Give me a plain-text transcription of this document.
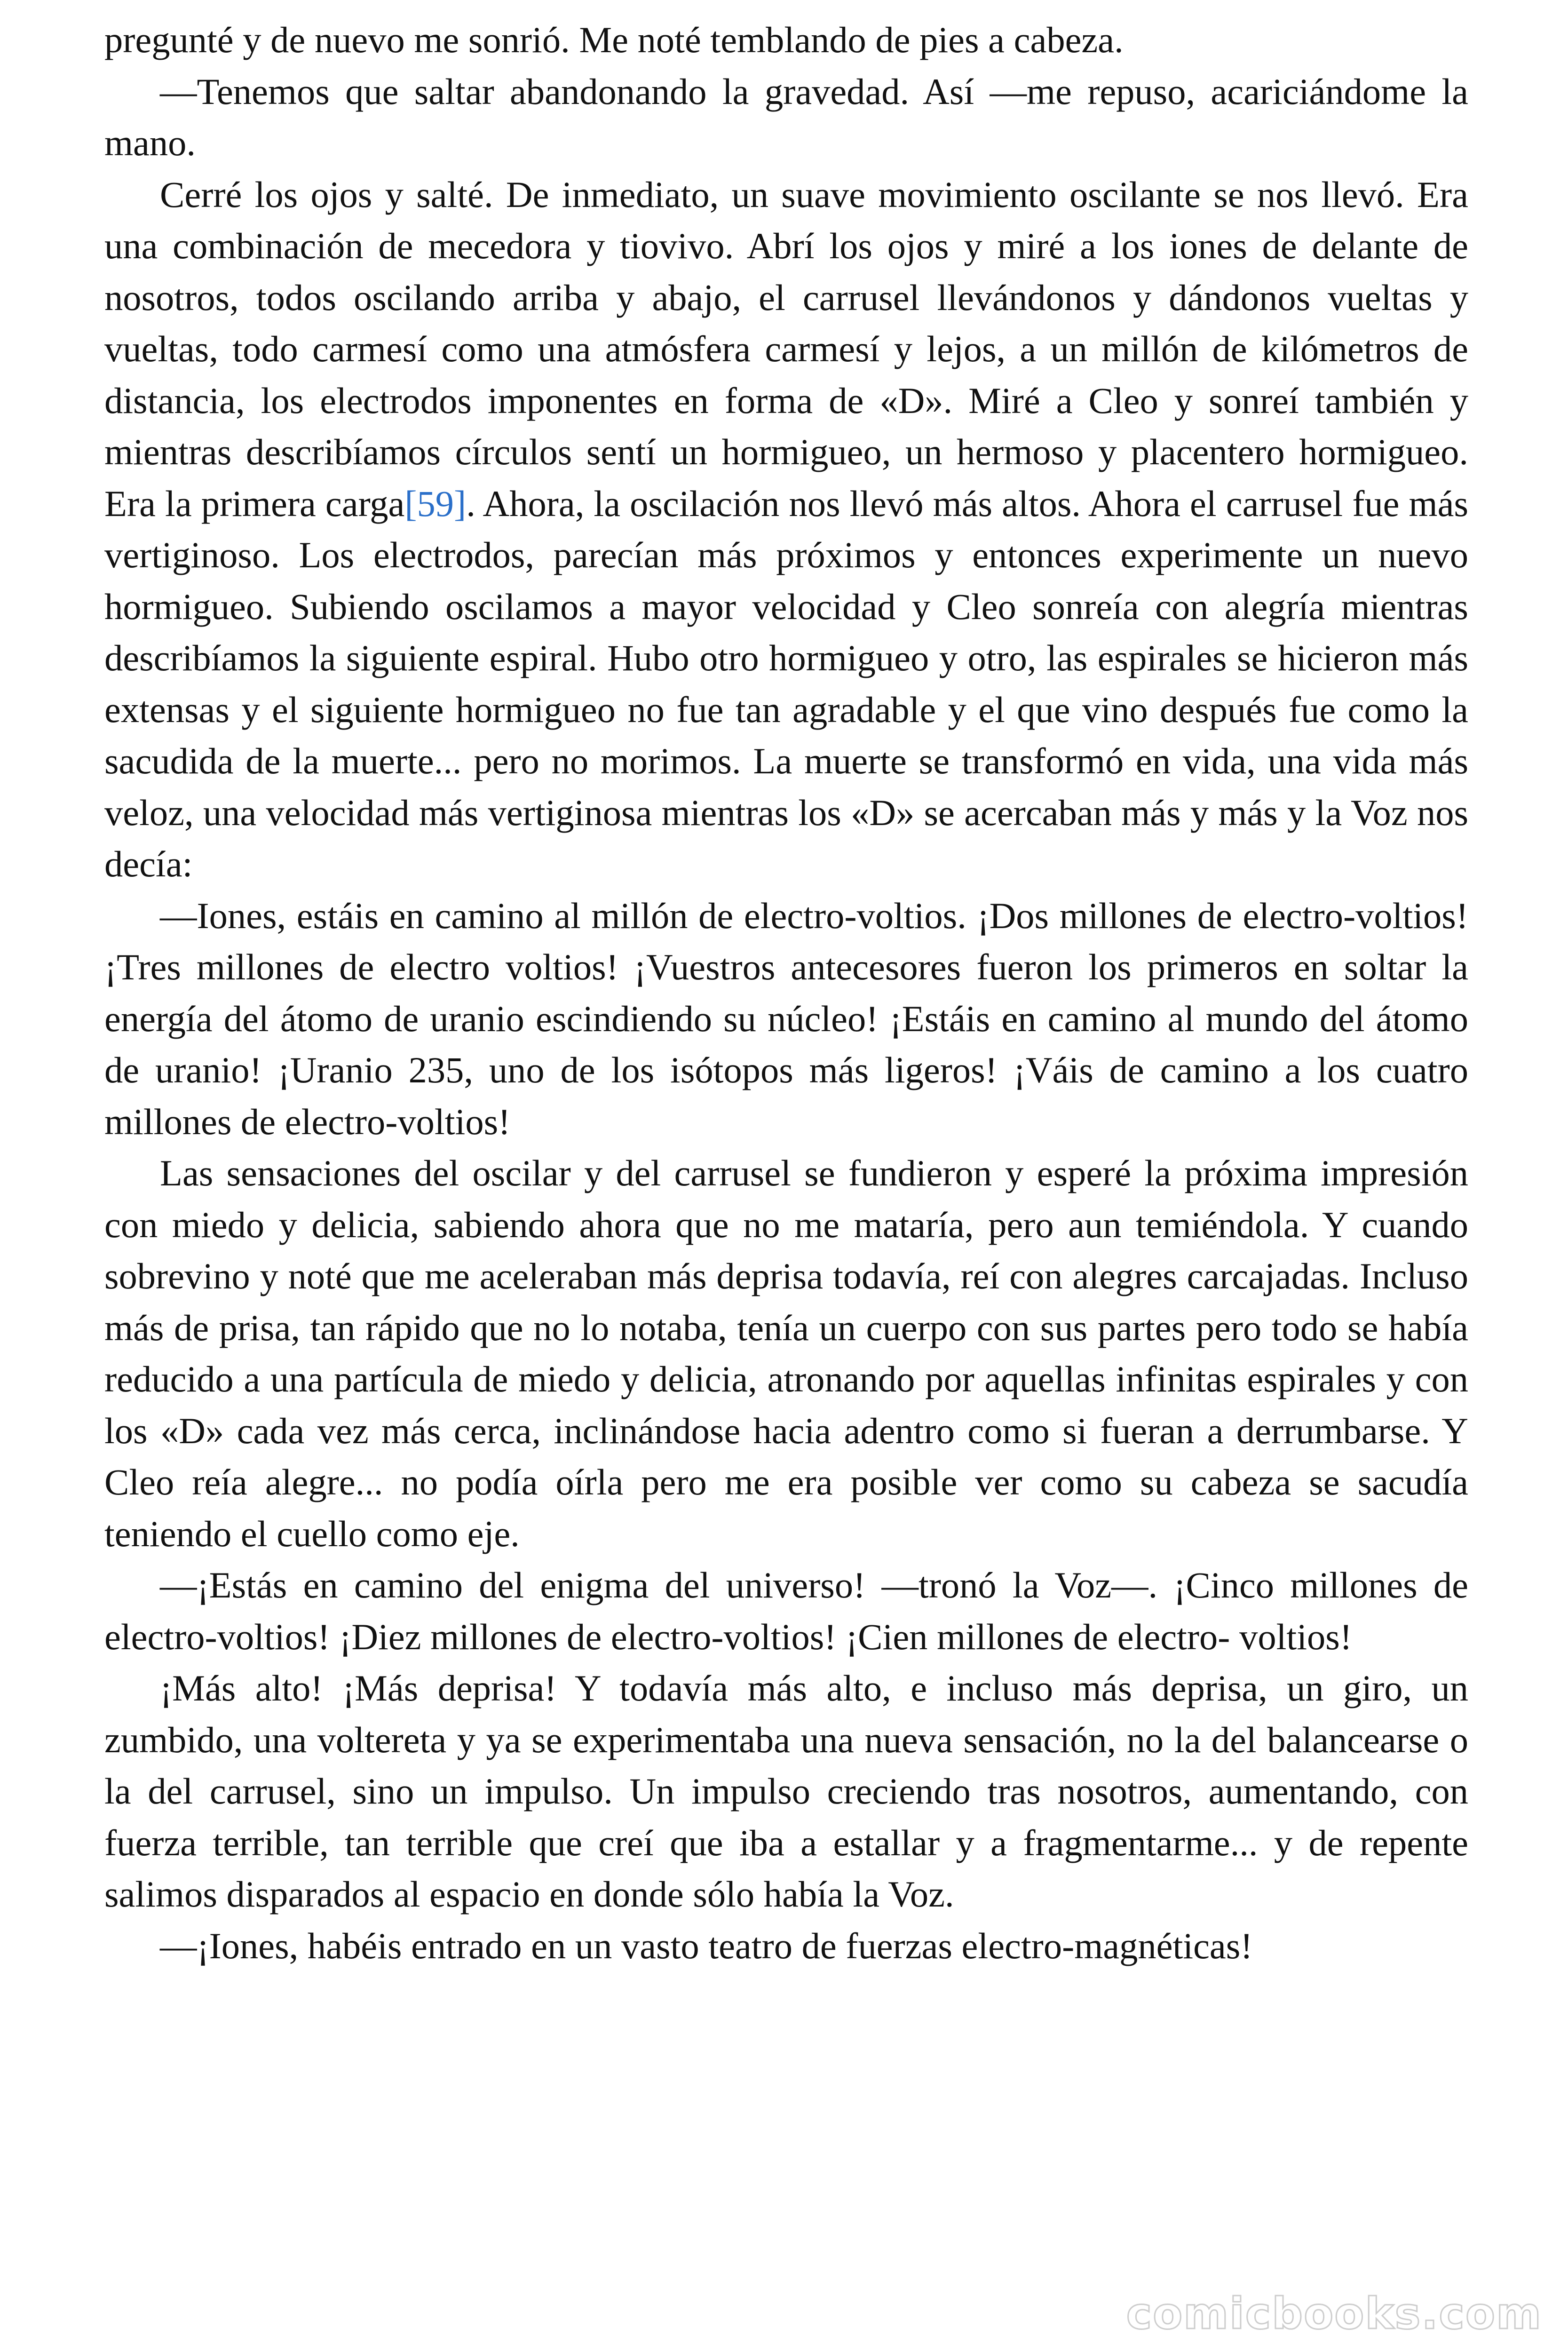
pregunté y de nuevo me sonrió. Me noté temblando de pies a cabeza.

—Tenemos que saltar abandonando la gravedad. Así —me repuso, acariciándome la mano.

Cerré los ojos y salté. De inmediato, un suave movimiento oscilante se nos llevó. Era una combinación de mecedora y tiovivo. Abrí los ojos y miré a los iones de delante de nosotros, todos oscilando arriba y abajo, el carrusel llevándonos y dándonos vueltas y vueltas, todo carmesí como una atmósfera carmesí y lejos, a un millón de kilómetros de distancia, los electrodos imponentes en forma de «D». Miré a Cleo y sonreí también y mientras describíamos círculos sentí un hormigueo, un hermoso y placentero hormigueo. Era la primera carga[59]. Ahora, la oscilación nos llevó más altos. Ahora el carrusel fue más vertiginoso. Los electrodos, parecían más próximos y entonces experimente un nuevo hormigueo. Subiendo oscilamos a mayor velocidad y Cleo sonreía con alegría mientras describíamos la siguiente espiral. Hubo otro hormigueo y otro, las espirales se hicieron más extensas y el siguiente hormigueo no fue tan agradable y el que vino después fue como la sacudida de la muerte... pero no morimos. La muerte se transformó en vida, una vida más veloz, una velocidad más vertiginosa mientras los «D» se acercaban más y más y la Voz nos decía:

—Iones, estáis en camino al millón de electro-voltios. ¡Dos millones de electro-voltios! ¡Tres millones de electro voltios! ¡Vuestros antecesores fueron los primeros en soltar la energía del átomo de uranio escindiendo su núcleo! ¡Estáis en camino al mundo del átomo de uranio! ¡Uranio 235, uno de los isótopos más ligeros! ¡Váis de camino a los cuatro millones de electro-voltios!

Las sensaciones del oscilar y del carrusel se fundieron y esperé la próxima impresión con miedo y delicia, sabiendo ahora que no me mataría, pero aun temiéndola. Y cuando sobrevino y noté que me aceleraban más deprisa todavía, reí con alegres carcajadas. Incluso más de prisa, tan rápido que no lo notaba, tenía un cuerpo con sus partes pero todo se había reducido a una partícula de miedo y delicia, atronando por aquellas infinitas espirales y con los «D» cada vez más cerca, inclinándose hacia adentro como si fueran a derrumbarse. Y Cleo reía alegre... no podía oírla pero me era posible ver como su cabeza se sacudía teniendo el cuello como eje.

—¡Estás en camino del enigma del universo! —tronó la Voz—. ¡Cinco millones de electro-voltios! ¡Diez millones de electro-voltios! ¡Cien millones de electro- voltios!

¡Más alto! ¡Más deprisa! Y todavía más alto, e incluso más deprisa, un giro, un zumbido, una voltereta y ya se experimentaba una nueva sensación, no la del balancearse o la del carrusel, sino un impulso. Un impulso creciendo tras nosotros, aumentando, con fuerza terrible, tan terrible que creí que iba a estallar y a fragmentarme... y de repente salimos disparados al espacio en donde sólo había la Voz.

—¡Iones, habéis entrado en un vasto teatro de fuerzas electro-magnéticas!

comicbooks.com
